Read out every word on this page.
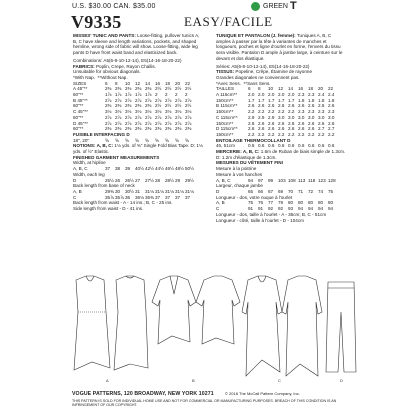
U.S. $30.00 CAN. $35.00	GREEN T
V9335	EASY/FACILE
MISSES' TUNIC AND PANTS: Loose-fitting, pullover tunics A, B, C have sleeve and length variations, pockets, and shaped hemline, wrong side of fabric will show. Loose-fitting, wide leg pants D have front waist band and elasticized back.

Combinations: A5(6-8-10-12-14), E5(14-16-18-20-22)

FABRICS: Poplin, Crepe, Rayon Challis.

Unsuitable for obvious diagonals.

*With Nap.  **Without Nap.

SIZES	6	8	10	12	14	16	18	20	22
A 45"**	2⅜ 2⅜ 2⅜ 2⅜ 2⅜ 2½ 2½ 2½ 2½
60"**	1⅞ 1⅞ 1⅞ 1⅞ 1⅞ 2	2	2	2
B 45"**	2⅞ 2⅞ 2⅞ 2⅞ 2⅞ 2⅞ 2⅞ 2⅞ 2⅞
60"**	2⅜ 2⅜ 2⅜ 2⅜ 2⅜ 2½ 2½ 2½ 2½
C 45"**	3⅛ 3⅛ 3⅛ 3⅛ 3⅛ 3⅛ 3⅛ 3⅛ 3⅛
60"**	2⅞ 2⅞ 2⅞ 2⅞ 2⅞ 2⅞ 2⅞ 2⅞ 2⅞
D 45"**	2⅞ 2⅞ 2⅞ 2⅞ 2⅞ 2⅞ 2⅞ 2⅞ 2⅞
60"**	2⅜ 2⅜ 2⅜ 2⅜ 2⅜ 2⅜ 2⅜ 2⅜ 2⅜

FUSIBLE INTERFACING D

18", 20"	⅝	⅝	⅝	⅝	⅝	⅝	⅝	⅝	⅝
NOTIONS: A, B, C: 1⅛ yds. of ⅜" Single Fold Bias Tape. D: 1⅛ yds. of ½" Elastic.

FINISHED GARMENT MEASUREMENTS

Width, at hipline

A, B, C	37	38	39	40½ 42½ 44½ 46½ 48½ 50½

Width, each leg

D	25½ 26	26½ 27	27½ 28	28½ 29	29½

Back length from base of neck

A, B	29⅜ 30	30½ 31	31⅛ 31⅛ 31⅛ 31⅛ 31⅛
C	35⅞ 35⅞ 36	36⅛ 36⅜ 37	37	37	37

Back length from waist - A - 14 ins.; B, C - 25 ins.

Side length from waist - D - 41 ins.

TUNIQUE ET PANTALON (J. femme): Tuniques A, B, C amples à passer par la tête à variantes de manches et longueurs, poches et ligne d'ourlet en forme, l'envers du tissu sera visible. Pantalon D ample à jambe large, à ceinture sur le devant et dos élastique.

Séries: A5(6-8-10-12-14), E5(14-16-18-20-22)

TISSUS: Popeline, Crêpe, Étamine de rayonne

Grandes diagonales ne conviennent pas.

*Avec Sens.  **Sans Sens.

TAILLES	6	8	10	12	14	16	18	20	22
A 115cm**	2.0 2.0 2.0 2.0 2.0 2.3 2.3 2.4 2.4
150cm**	1.7 1.7 1.7 1.7 1.7 1.8 1.8 1.8 1.8
B 115cm**	2.6 2.6 2.6 2.6 2.6 2.6 2.6 2.6 2.6
150cm**	2.2 2.2 2.2 2.2 2.2 2.3 2.3 2.3 2.3
C 115cm**	2.9 2.9 2.9 3.0 3.0 3.0 3.0 3.0 3.0
150cm**	2.6 2.6 2.6 2.6 2.6 2.6 2.6 2.6 2.6
D 115cm**	2.6 2.6 2.6 2.6 2.6 2.6 2.6 2.7 2.7
150cm**	2.2 2.2 2.2 2.2 2.2 2.2 2.2 2.2 2.2

ENTOILAGE THERMOCOLLANT D

46, 51cm	0.6 0.6 0.6 0.6 0.6 0.6 0.6 0.6 0.6
MERCERIE: A, B, C: 1.6m de Ruban de biais simple de 1.3cm. D: 1.2m d'élastique de 1.3cm.

MESURES DU VÊTEMENT FINI

Mesure à la poitrine

Mesure à vos hanches

A, B, C	94	97	99	103 108 113 118 123 128

Largeur, chaque jambe

D	65	66	67	69	70	71	72	74	75

Longueur - dos, votre nuque à l'ourlet

A, B	75	76	77	79	80	80	80	80	80
C	91	91	92	92	93	94	94	94	94

Longueur - dos, taille à l'ourlet - A - 36cm; B, C - 51cm

Longueur - côté, taille à l'ourlet - D - 104cm

A	B	C	D
VOGUE PATTERNS, 120 BROADWAY, NEW YORK 10271	© 2018 The McCall Pattern Company, Inc.
THIS PATTERN IS SOLD FOR INDIVIDUAL HOME USE AND NOT FOR COMMERCIAL OR MANUFACTURING PURPOSES. BREACH OF THIS CONDITION IS AN INFRINGEMENT OF OUR COPYRIGHT.
